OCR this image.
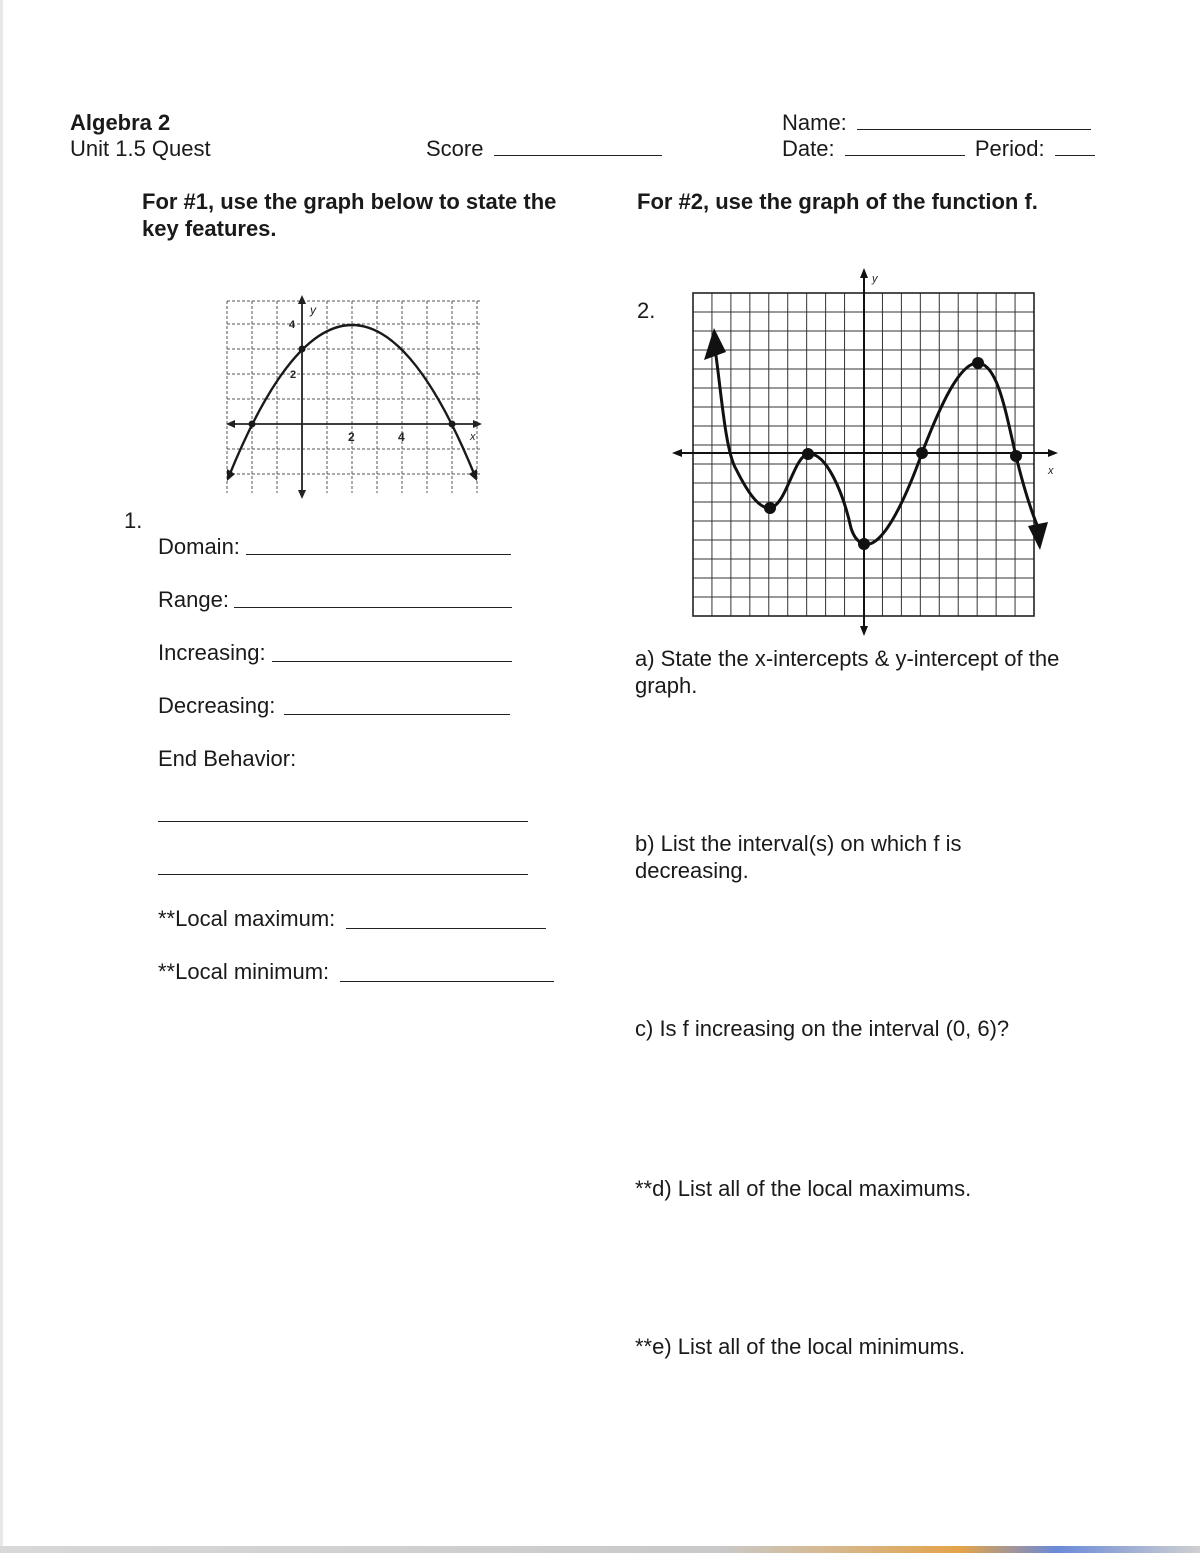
Algebra 2
Unit 1.5 Quest	Score
Name:
Date:	Period:
For #1, use the graph below to state the key features.
For #2, use the graph of the function f.
y
x
2	4
4
2
1.
Domain:
Range:
Increasing:
Decreasing:
End Behavior:
**Local maximum:
**Local minimum:
2.
y
x
a) State the x-intercepts & y-intercept of the graph.
b) List the interval(s) on which f is decreasing.
c) Is f increasing on the interval (0, 6)?
**d) List all of the local maximums.
**e) List all of the local minimums.
